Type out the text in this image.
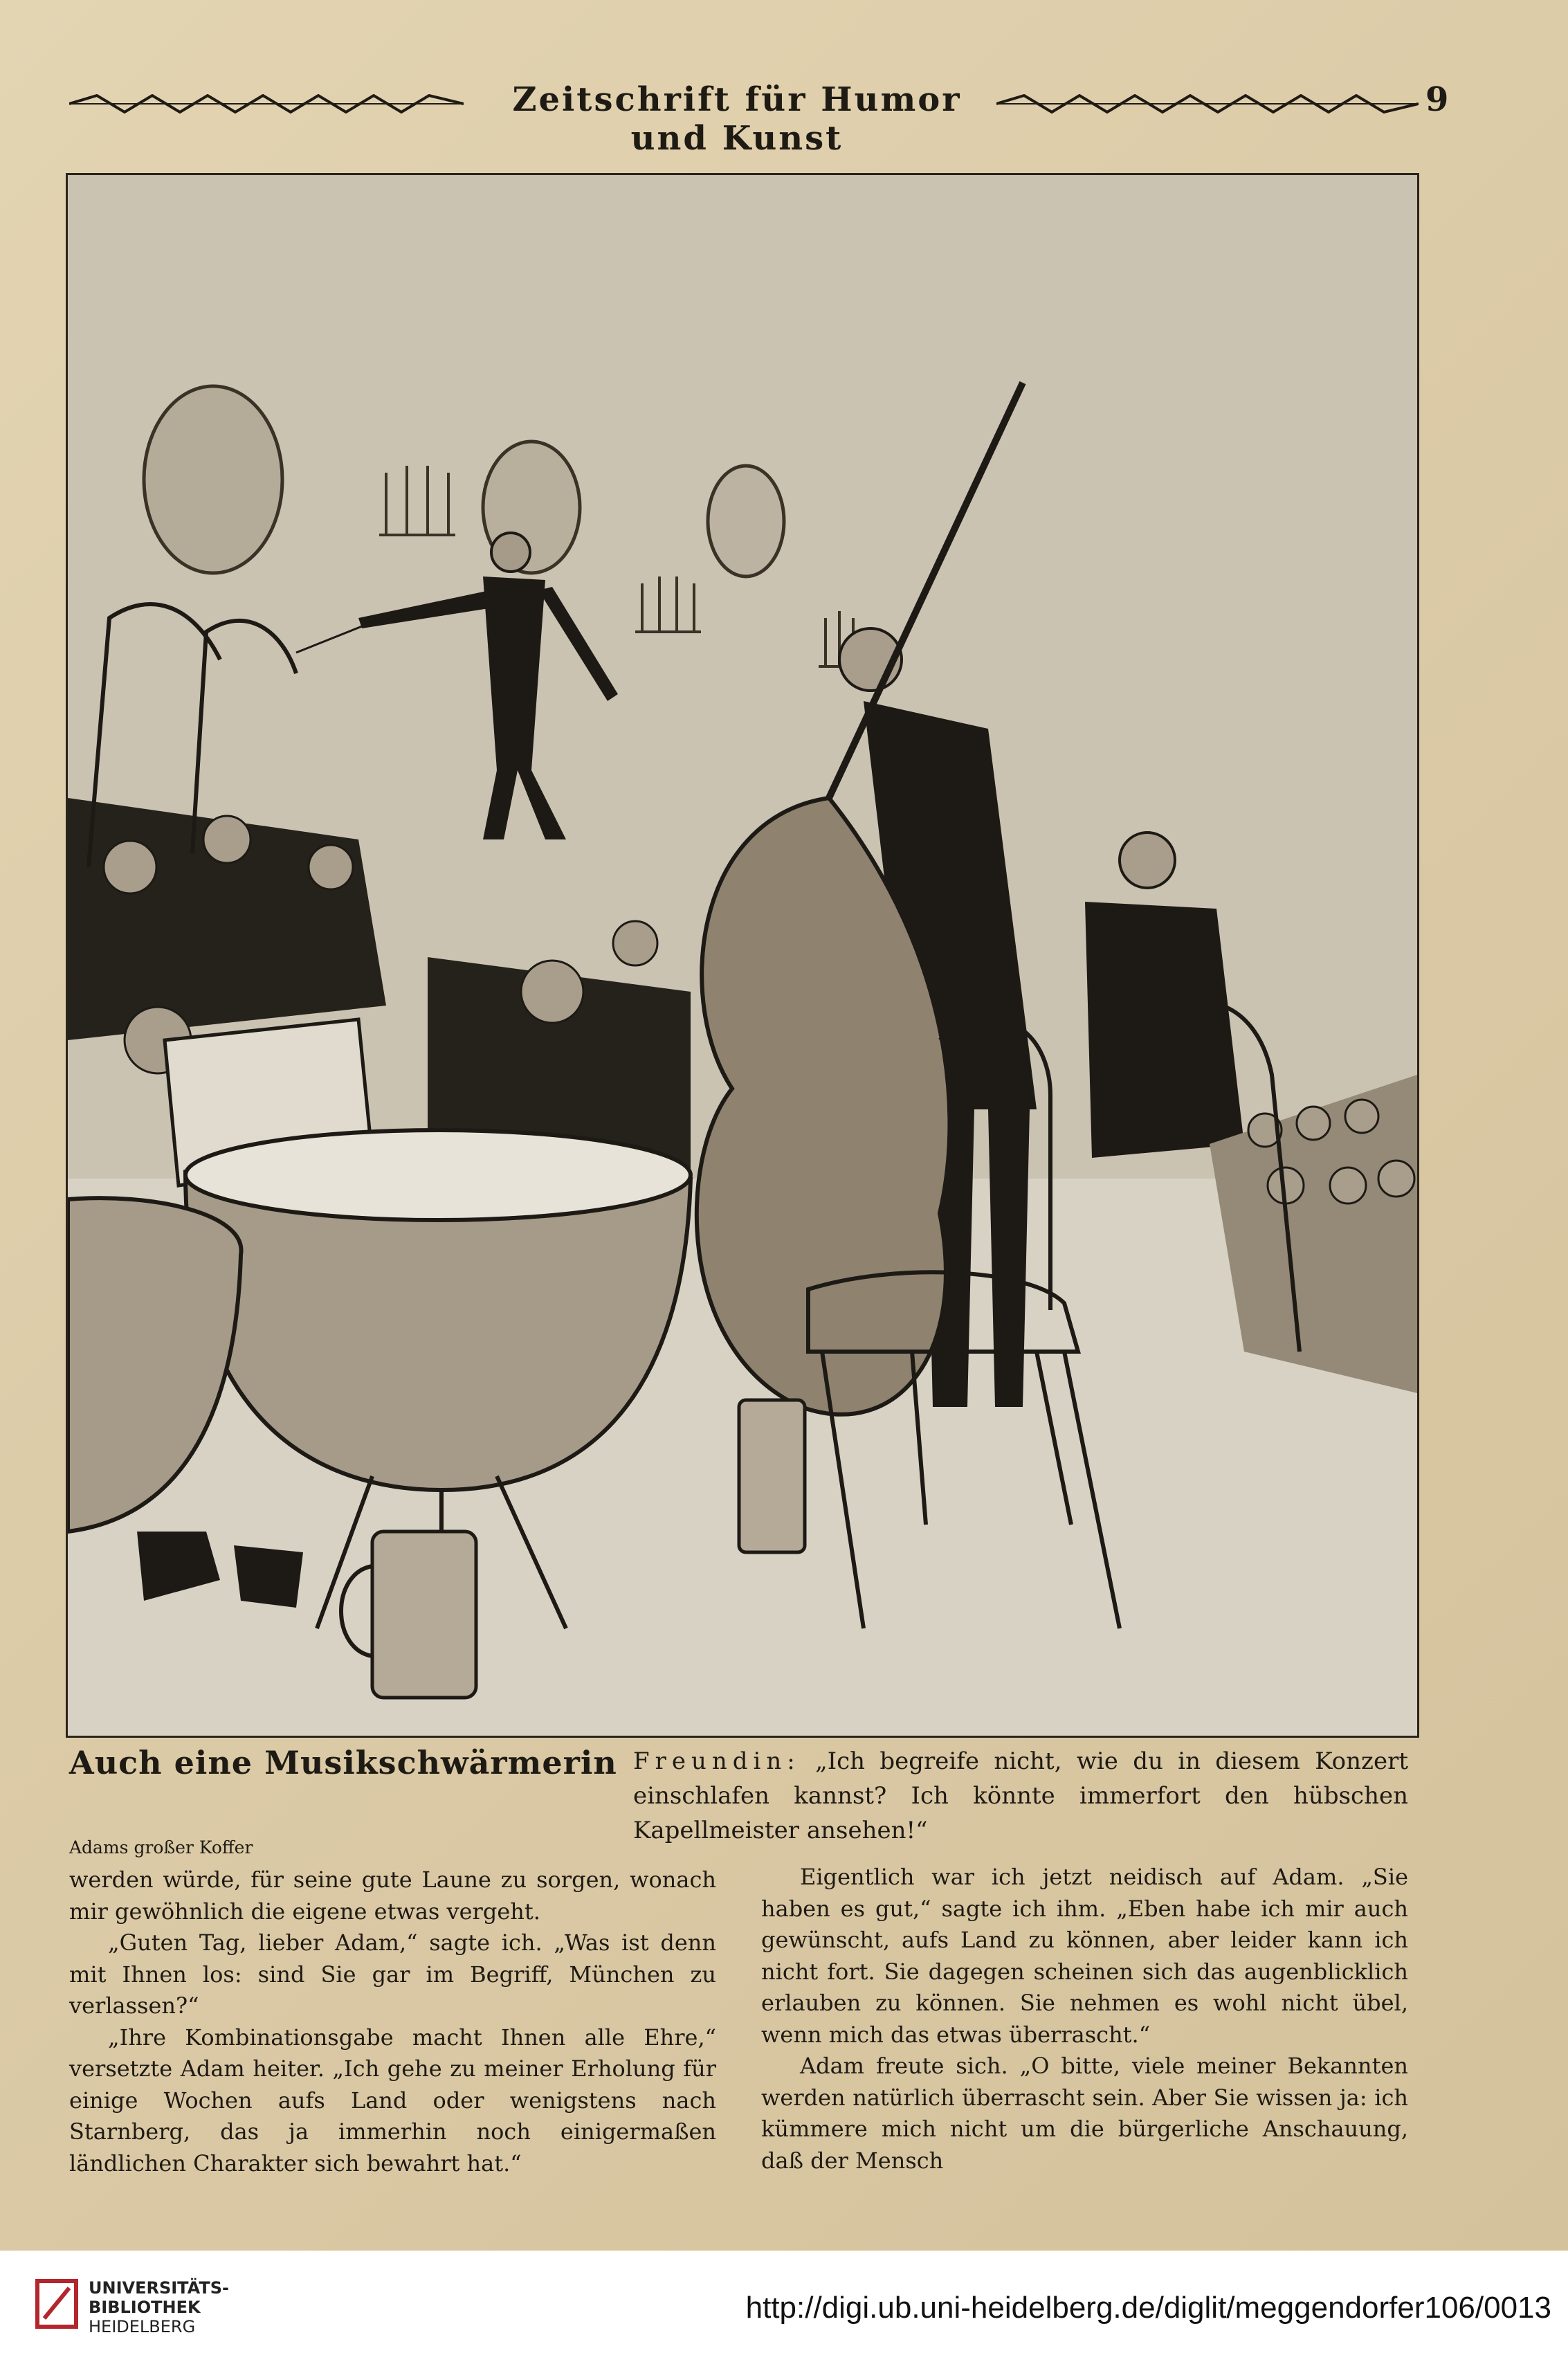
Zeitschrift für Humor und Kunst
9
Auch eine Musikschwärmerin Freundin: „Ich begreife nicht, wie du in diesem Konzert einschlafen kannst? Ich könnte immerfort den hübschen Kapellmeister ansehen!“
Adams großer Koffer

werden würde, für seine gute Laune zu sorgen, wonach mir gewöhnlich die eigene etwas vergeht.

„Guten Tag, lieber Adam,“ sagte ich. „Was ist denn mit Ihnen los: sind Sie gar im Begriff, München zu verlassen?“

„Ihre Kombinationsgabe macht Ihnen alle Ehre,“ versetzte Adam heiter. „Ich gehe zu meiner Erholung für einige Wochen aufs Land oder wenigstens nach Starnberg, das ja immerhin noch einigermaßen ländlichen Charakter sich bewahrt hat.“

Eigentlich war ich jetzt neidisch auf Adam. „Sie haben es gut,“ sagte ich ihm. „Eben habe ich mir auch gewünscht, aufs Land zu können, aber leider kann ich nicht fort. Sie dagegen scheinen sich das augenblicklich erlauben zu können. Sie nehmen es wohl nicht übel, wenn mich das etwas überrascht.“

Adam freute sich. „O bitte, viele meiner Bekannten werden natürlich überrascht sein. Aber Sie wissen ja: ich kümmere mich nicht um die bürgerliche Anschauung, daß der Mensch

UNIVERSITÄTS-
BIBLIOTHEK
HEIDELBERG
http://digi.ub.uni-heidelberg.de/diglit/meggendorfer106/0013
